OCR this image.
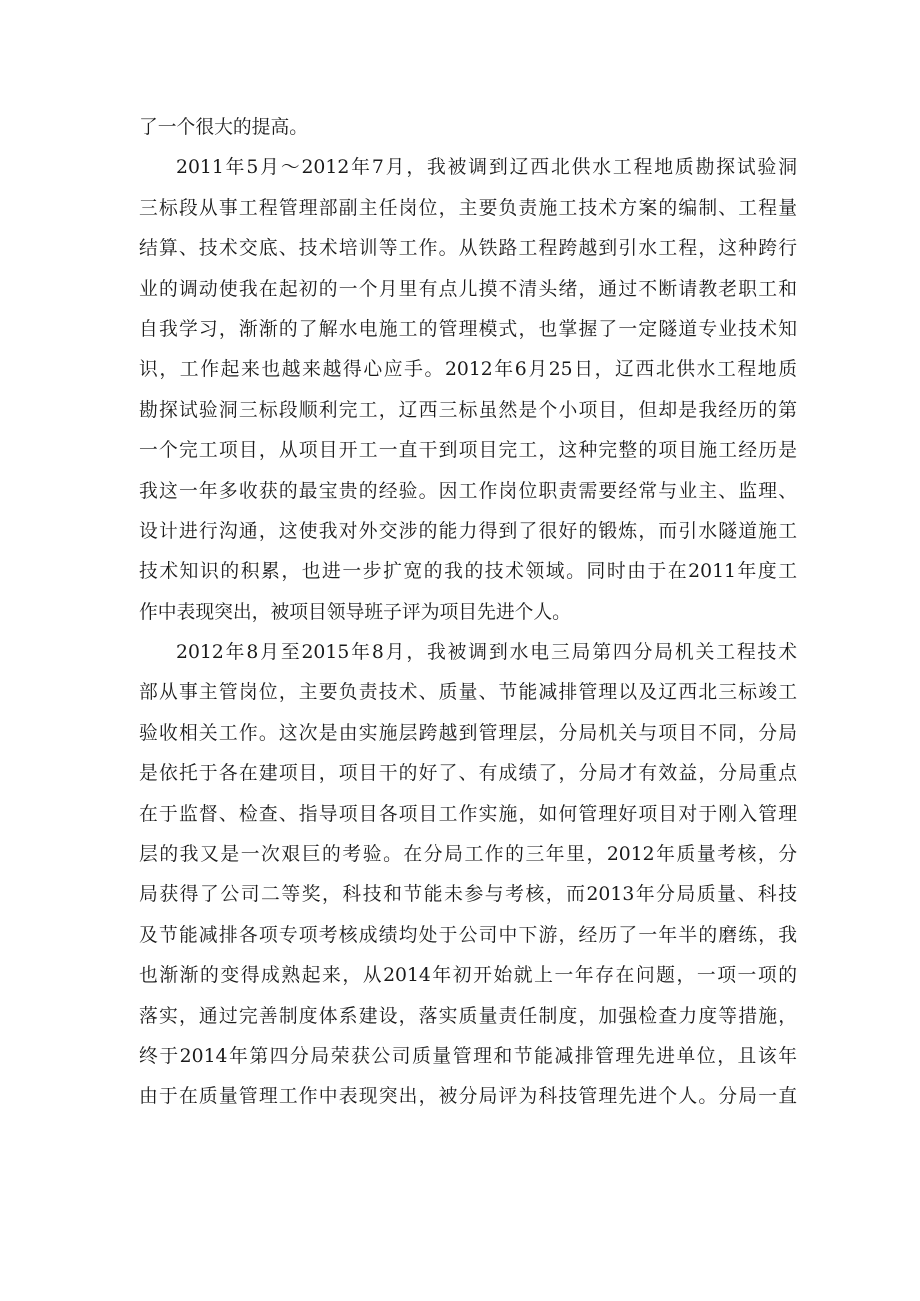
了一个很大的提高。
2011年5月～2012年7月，我被调到辽西北供水工程地质勘探试验洞
三标段从事工程管理部副主任岗位，主要负责施工技术方案的编制、工程量
结算、技术交底、技术培训等工作。从铁路工程跨越到引水工程，这种跨行
业的调动使我在起初的一个月里有点儿摸不清头绪，通过不断请教老职工和
自我学习，渐渐的了解水电施工的管理模式，也掌握了一定隧道专业技术知
识，工作起来也越来越得心应手。2012年6月25日，辽西北供水工程地质
勘探试验洞三标段顺利完工，辽西三标虽然是个小项目，但却是我经历的第
一个完工项目，从项目开工一直干到项目完工，这种完整的项目施工经历是
我这一年多收获的最宝贵的经验。因工作岗位职责需要经常与业主、监理、
设计进行沟通，这使我对外交涉的能力得到了很好的锻炼，而引水隧道施工
技术知识的积累，也进一步扩宽的我的技术领域。同时由于在2011年度工
作中表现突出，被项目领导班子评为项目先进个人。
2012年8月至2015年8月，我被调到水电三局第四分局机关工程技术
部从事主管岗位，主要负责技术、质量、节能减排管理以及辽西北三标竣工
验收相关工作。这次是由实施层跨越到管理层，分局机关与项目不同，分局
是依托于各在建项目，项目干的好了、有成绩了，分局才有效益，分局重点
在于监督、检查、指导项目各项目工作实施，如何管理好项目对于刚入管理
层的我又是一次艰巨的考验。在分局工作的三年里，2012年质量考核，分
局获得了公司二等奖，科技和节能未参与考核，而2013年分局质量、科技
及节能减排各项专项考核成绩均处于公司中下游，经历了一年半的磨练，我
也渐渐的变得成熟起来，从2014年初开始就上一年存在问题，一项一项的
落实，通过完善制度体系建设，落实质量责任制度，加强检查力度等措施，
终于2014年第四分局荣获公司质量管理和节能减排管理先进单位，且该年
由于在质量管理工作中表现突出，被分局评为科技管理先进个人。分局一直
